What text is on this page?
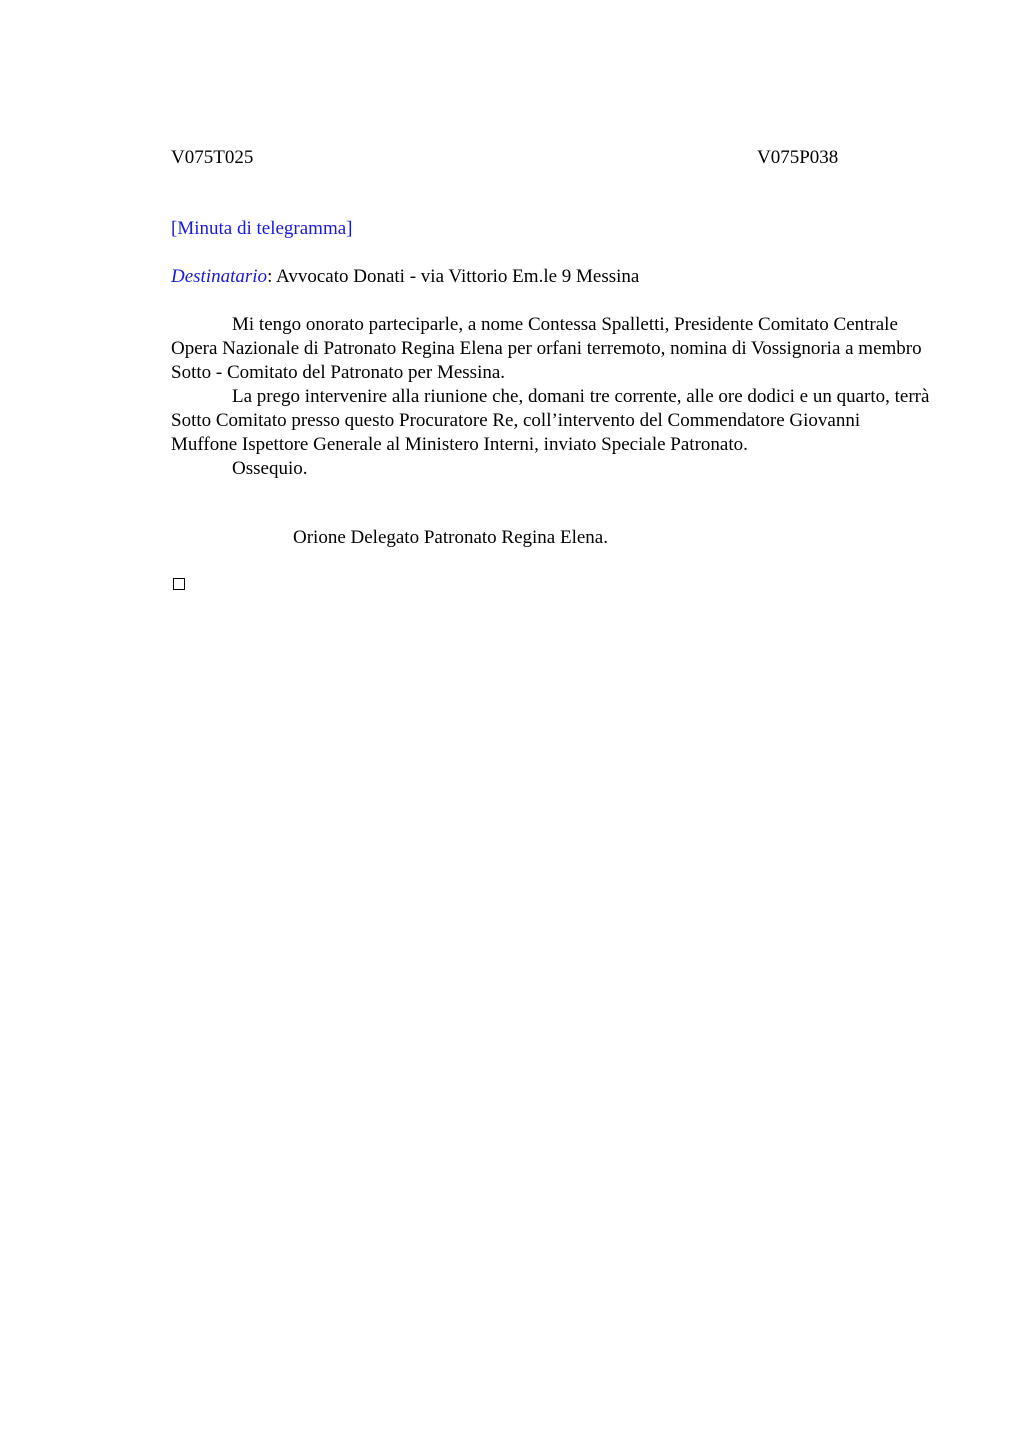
V075T025	V075P038
[Minuta di telegramma]
Destinatario: Avvocato Donati - via Vittorio Em.le 9 Messina

Mi tengo onorato parteciparle, a nome Contessa Spalletti, Presidente Comitato Centrale Opera Nazionale di Patronato Regina Elena per orfani terremoto, nomina di Vossignoria a membro Sotto - Comitato del Patronato per Messina.

La prego intervenire alla riunione che, domani tre corrente, alle ore dodici e un quarto, terrà Sotto Comitato presso questo Procuratore Re, coll’intervento del Commendatore Giovanni Muffone Ispettore Generale al Ministero Interni, inviato Speciale Patronato.

Ossequio.

Orione Delegato Patronato Regina Elena.
